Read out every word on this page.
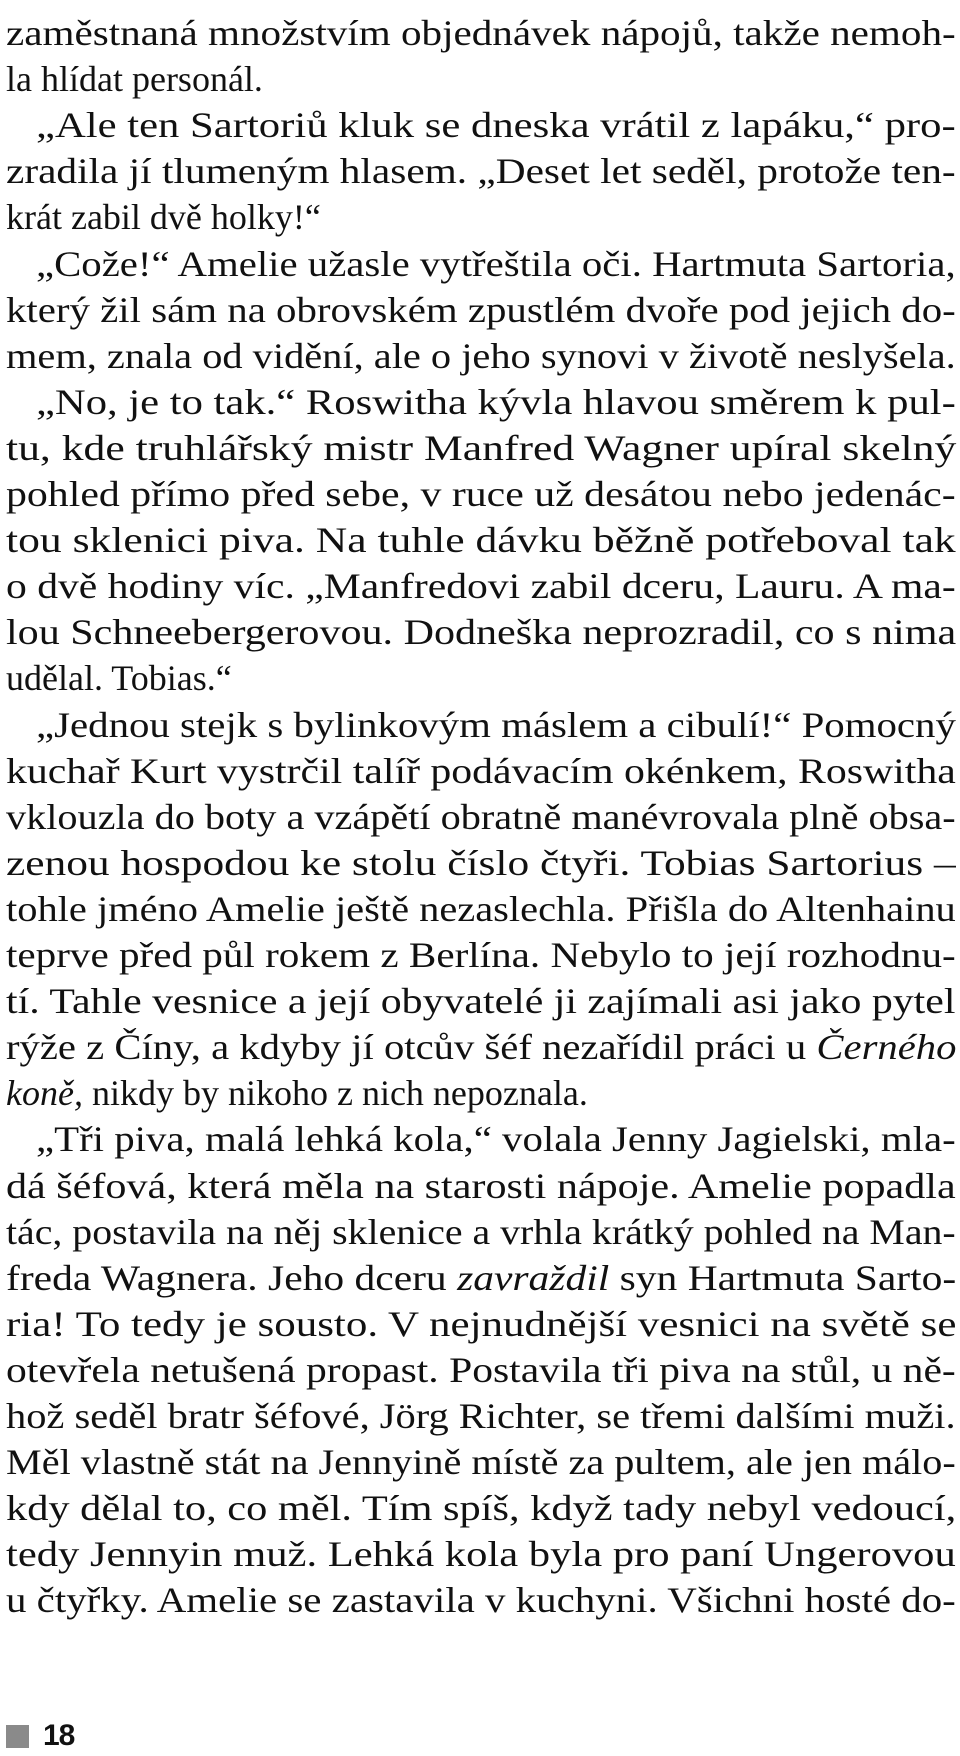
zaměstnaná množstvím objednávek nápojů, takže nemoh-
la hlídat personál.
„Ale ten Sartoriů kluk se dneska vrátil z lapáku,“ pro-
zradila jí tlumeným hlasem. „Deset let seděl, protože ten-
krát zabil dvě holky!“
„Cože!“ Amelie užasle vytřeštila oči. Hartmuta Sartoria,
který žil sám na obrovském zpustlém dvoře pod jejich do-
mem, znala od vidění, ale o jeho synovi v životě neslyšela.
„No, je to tak.“ Roswitha kývla hlavou směrem k pul-
tu, kde truhlářský mistr Manfred Wagner upíral skelný
pohled přímo před sebe, v ruce už desátou nebo jedenác-
tou sklenici piva. Na tuhle dávku běžně potřeboval tak
o dvě hodiny víc. „Manfredovi zabil dceru, Lauru. A ma-
lou Schneebergerovou. Dodneška neprozradil, co s nima
udělal. Tobias.“
„Jednou stejk s bylinkovým máslem a cibulí!“ Pomocný
kuchař Kurt vystrčil talíř podávacím okénkem, Roswitha
vklouzla do boty a vzápětí obratně manévrovala plně obsa-
zenou hospodou ke stolu číslo čtyři. Tobias Sartorius –
tohle jméno Amelie ještě nezaslechla. Přišla do Altenhainu
teprve před půl rokem z Berlína. Nebylo to její rozhodnu-
tí. Tahle vesnice a její obyvatelé ji zajímali asi jako pytel
rýže z Číny, a kdyby jí otcův šéf nezařídil práci u Černého
koně, nikdy by nikoho z nich nepoznala.
„Tři piva, malá lehká kola,“ volala Jenny Jagielski, mla-
dá šéfová, která měla na starosti nápoje. Amelie popadla
tác, postavila na něj sklenice a vrhla krátký pohled na Man-
freda Wagnera. Jeho dceru zavraždil syn Hartmuta Sarto-
ria! To tedy je sousto. V nejnudnější vesnici na světě se
otevřela netušená propast. Postavila tři piva na stůl, u ně-
hož seděl bratr šéfové, Jörg Richter, se třemi dalšími muži.
Měl vlastně stát na Jennyině místě za pultem, ale jen málo-
kdy dělal to, co měl. Tím spíš, když tady nebyl vedoucí,
tedy Jennyin muž. Lehká kola byla pro paní Ungerovou
u čtyřky. Amelie se zastavila v kuchyni. Všichni hosté do-
18
